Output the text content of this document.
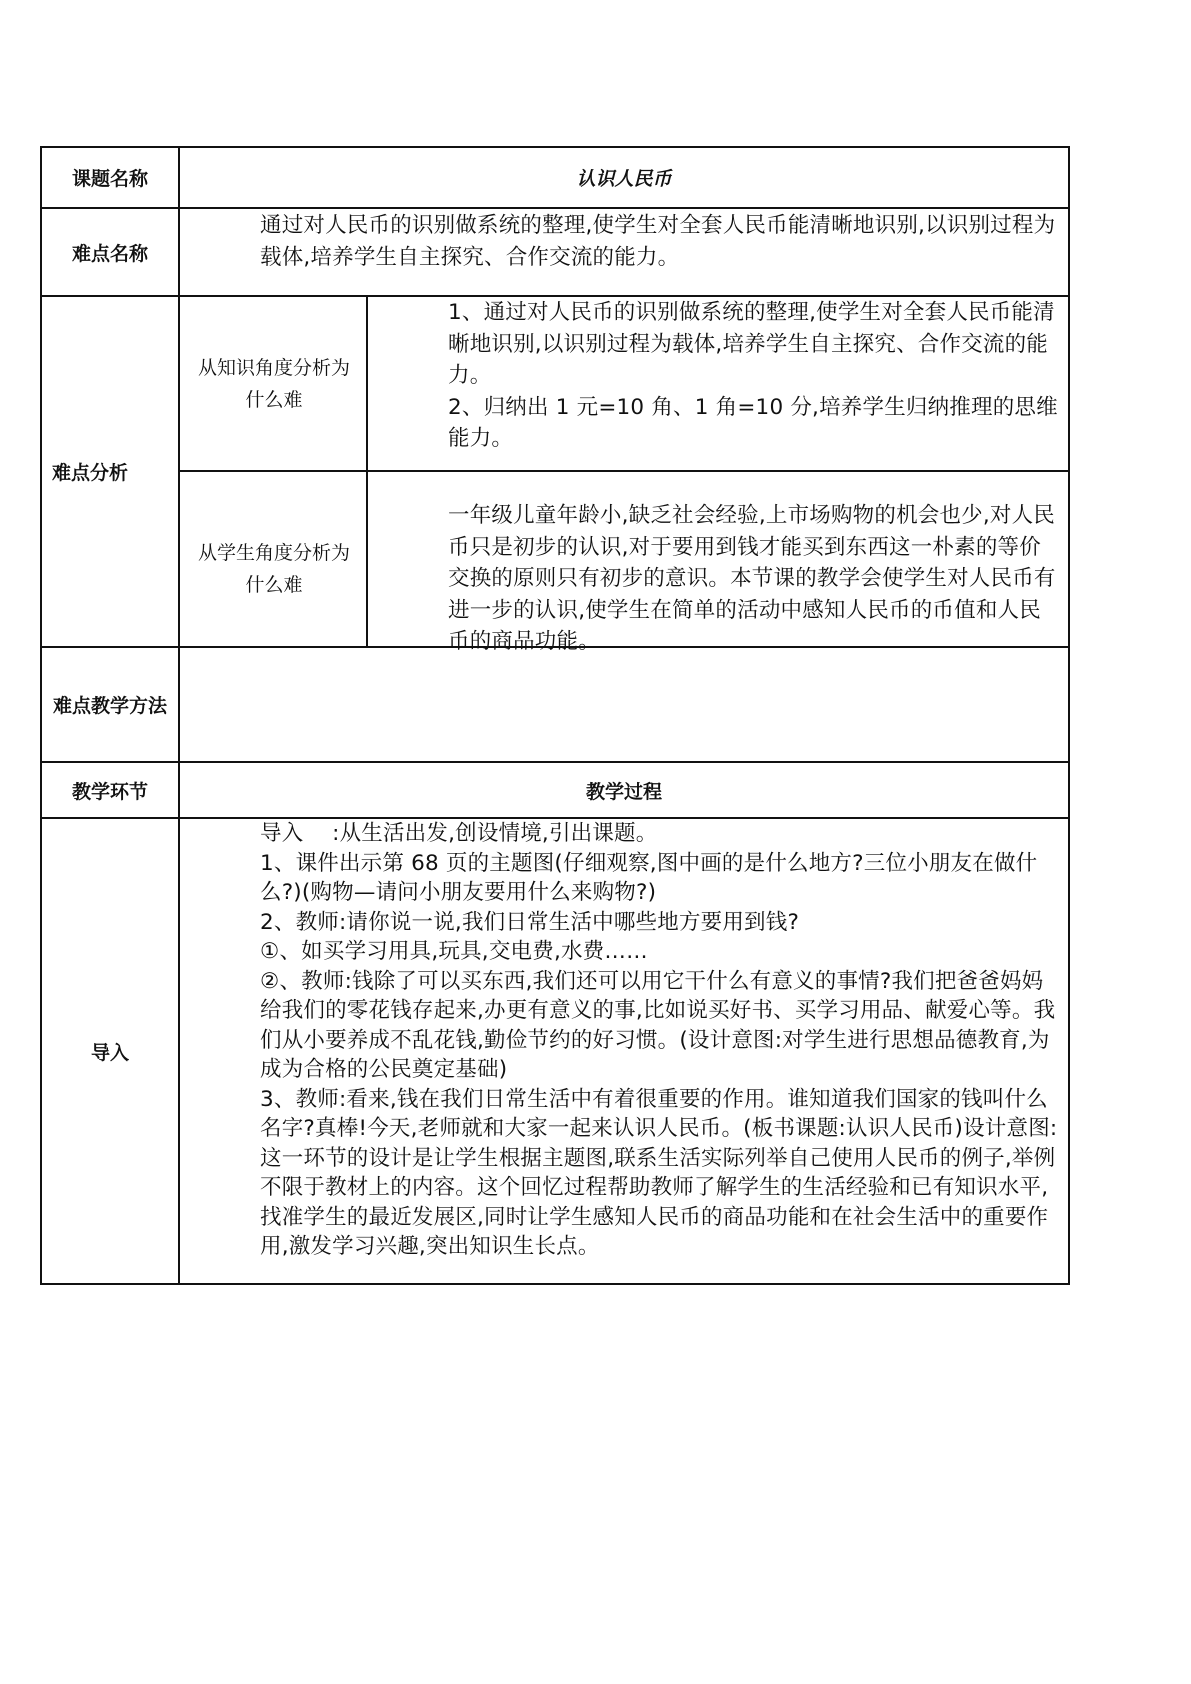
课题名称	认识人民币
难点名称
通过对人民币的识别做系统的整理,使学生对全套人民币能清晰地识别,以识别过程为载体,培养学生自主探究、合作交流的能力。
难点分析
从知识角度分析为什么难

1、通过对人民币的识别做系统的整理,使学生对全套人民币能清晰地识别,以识别过程为载体,培养学生自主探究、合作交流的能力。

2、归纳出 1 元=10 角、1 角=10 分,培养学生归纳推理的思维能力。

从学生角度分析为什么难
一年级儿童年龄小,缺乏社会经验,上市场购物的机会也少,对人民币只是初步的认识,对于要用到钱才能买到东西这一朴素的等价交换的原则只有初步的意识。本节课的教学会使学生对人民币有进一步的认识,使学生在简单的活动中感知人民币的币值和人民币的商品功能。
难点教学方法
教学环节	教学过程
导入

导入　 :从生活出发,创设情境,引出课题。

1、课件出示第 68 页的主题图(仔细观察,图中画的是什么地方?三位小朋友在做什么?)(购物—请问小朋友要用什么来购物?)

2、教师:请你说一说,我们日常生活中哪些地方要用到钱?

①、如买学习用具,玩具,交电费,水费……

②、教师:钱除了可以买东西,我们还可以用它干什么有意义的事情?我们把爸爸妈妈给我们的零花钱存起来,办更有意义的事,比如说买好书、买学习用品、献爱心等。我们从小要养成不乱花钱,勤俭节约的好习惯。(设计意图:对学生进行思想品德教育,为成为合格的公民奠定基础)

3、教师:看来,钱在我们日常生活中有着很重要的作用。谁知道我们国家的钱叫什么名字?真棒!今天,老师就和大家一起来认识人民币。(板书课题:认识人民币)设计意图:这一环节的设计是让学生根据主题图,联系生活实际列举自己使用人民币的例子,举例不限于教材上的内容。这个回忆过程帮助教师了解学生的生活经验和已有知识水平,找准学生的最近发展区,同时让学生感知人民币的商品功能和在社会生活中的重要作用,激发学习兴趣,突出知识生长点。
